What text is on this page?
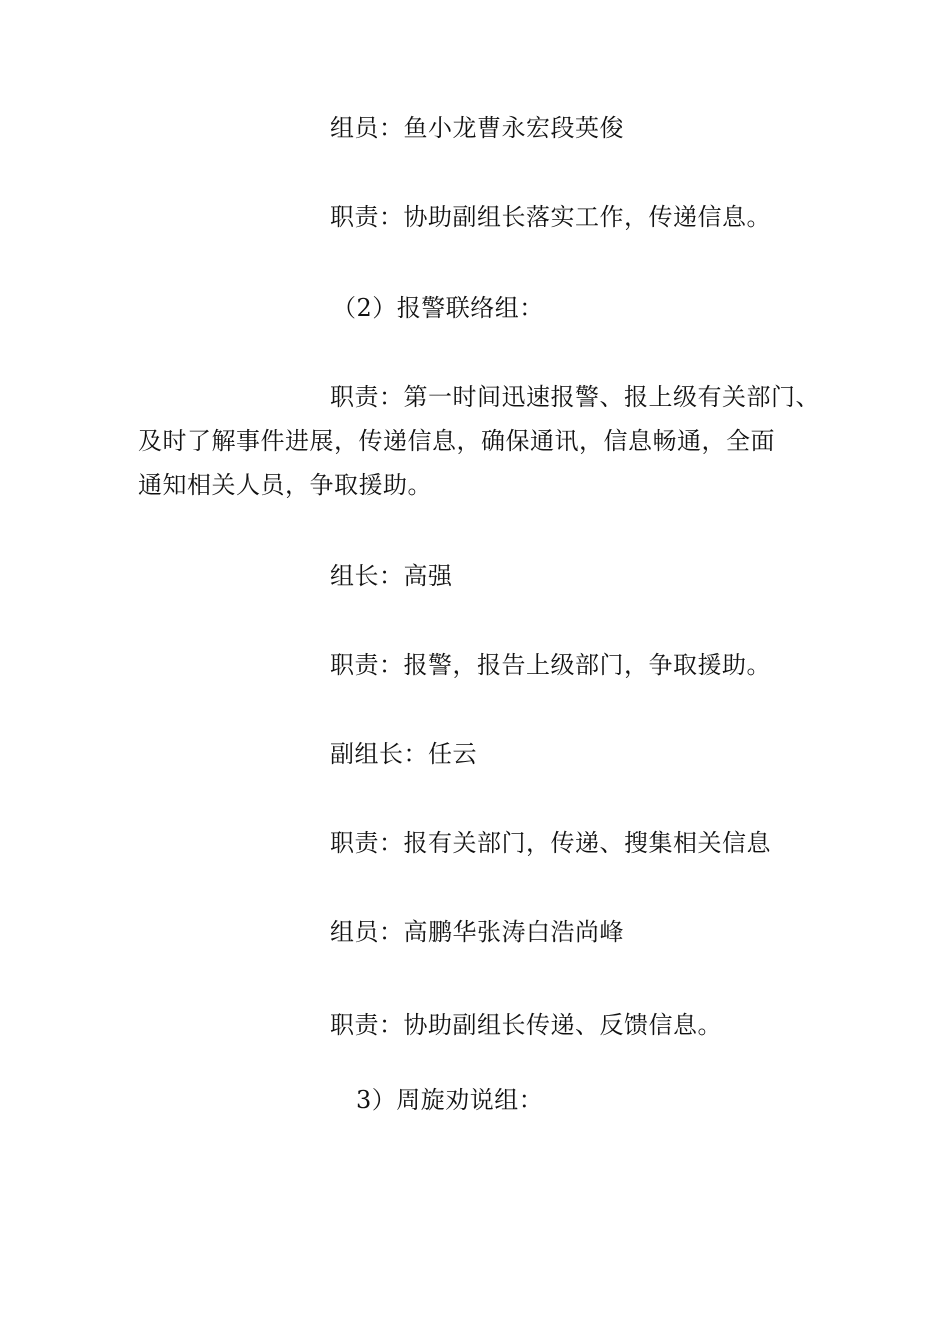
组员：鱼小龙曹永宏段英俊
职责：协助副组长落实工作，传递信息。
（2）报警联络组：
职责：第一时间迅速报警、报上级有关部门、
及时了解事件进展，传递信息，确保通讯，信息畅通，全面
通知相关人员，争取援助。
组长：高强
职责：报警，报告上级部门，争取援助。
副组长：任云
职责：报有关部门，传递、搜集相关信息
组员：高鹏华张涛白浩尚峰
职责：协助副组长传递、反馈信息。
3）周旋劝说组：
